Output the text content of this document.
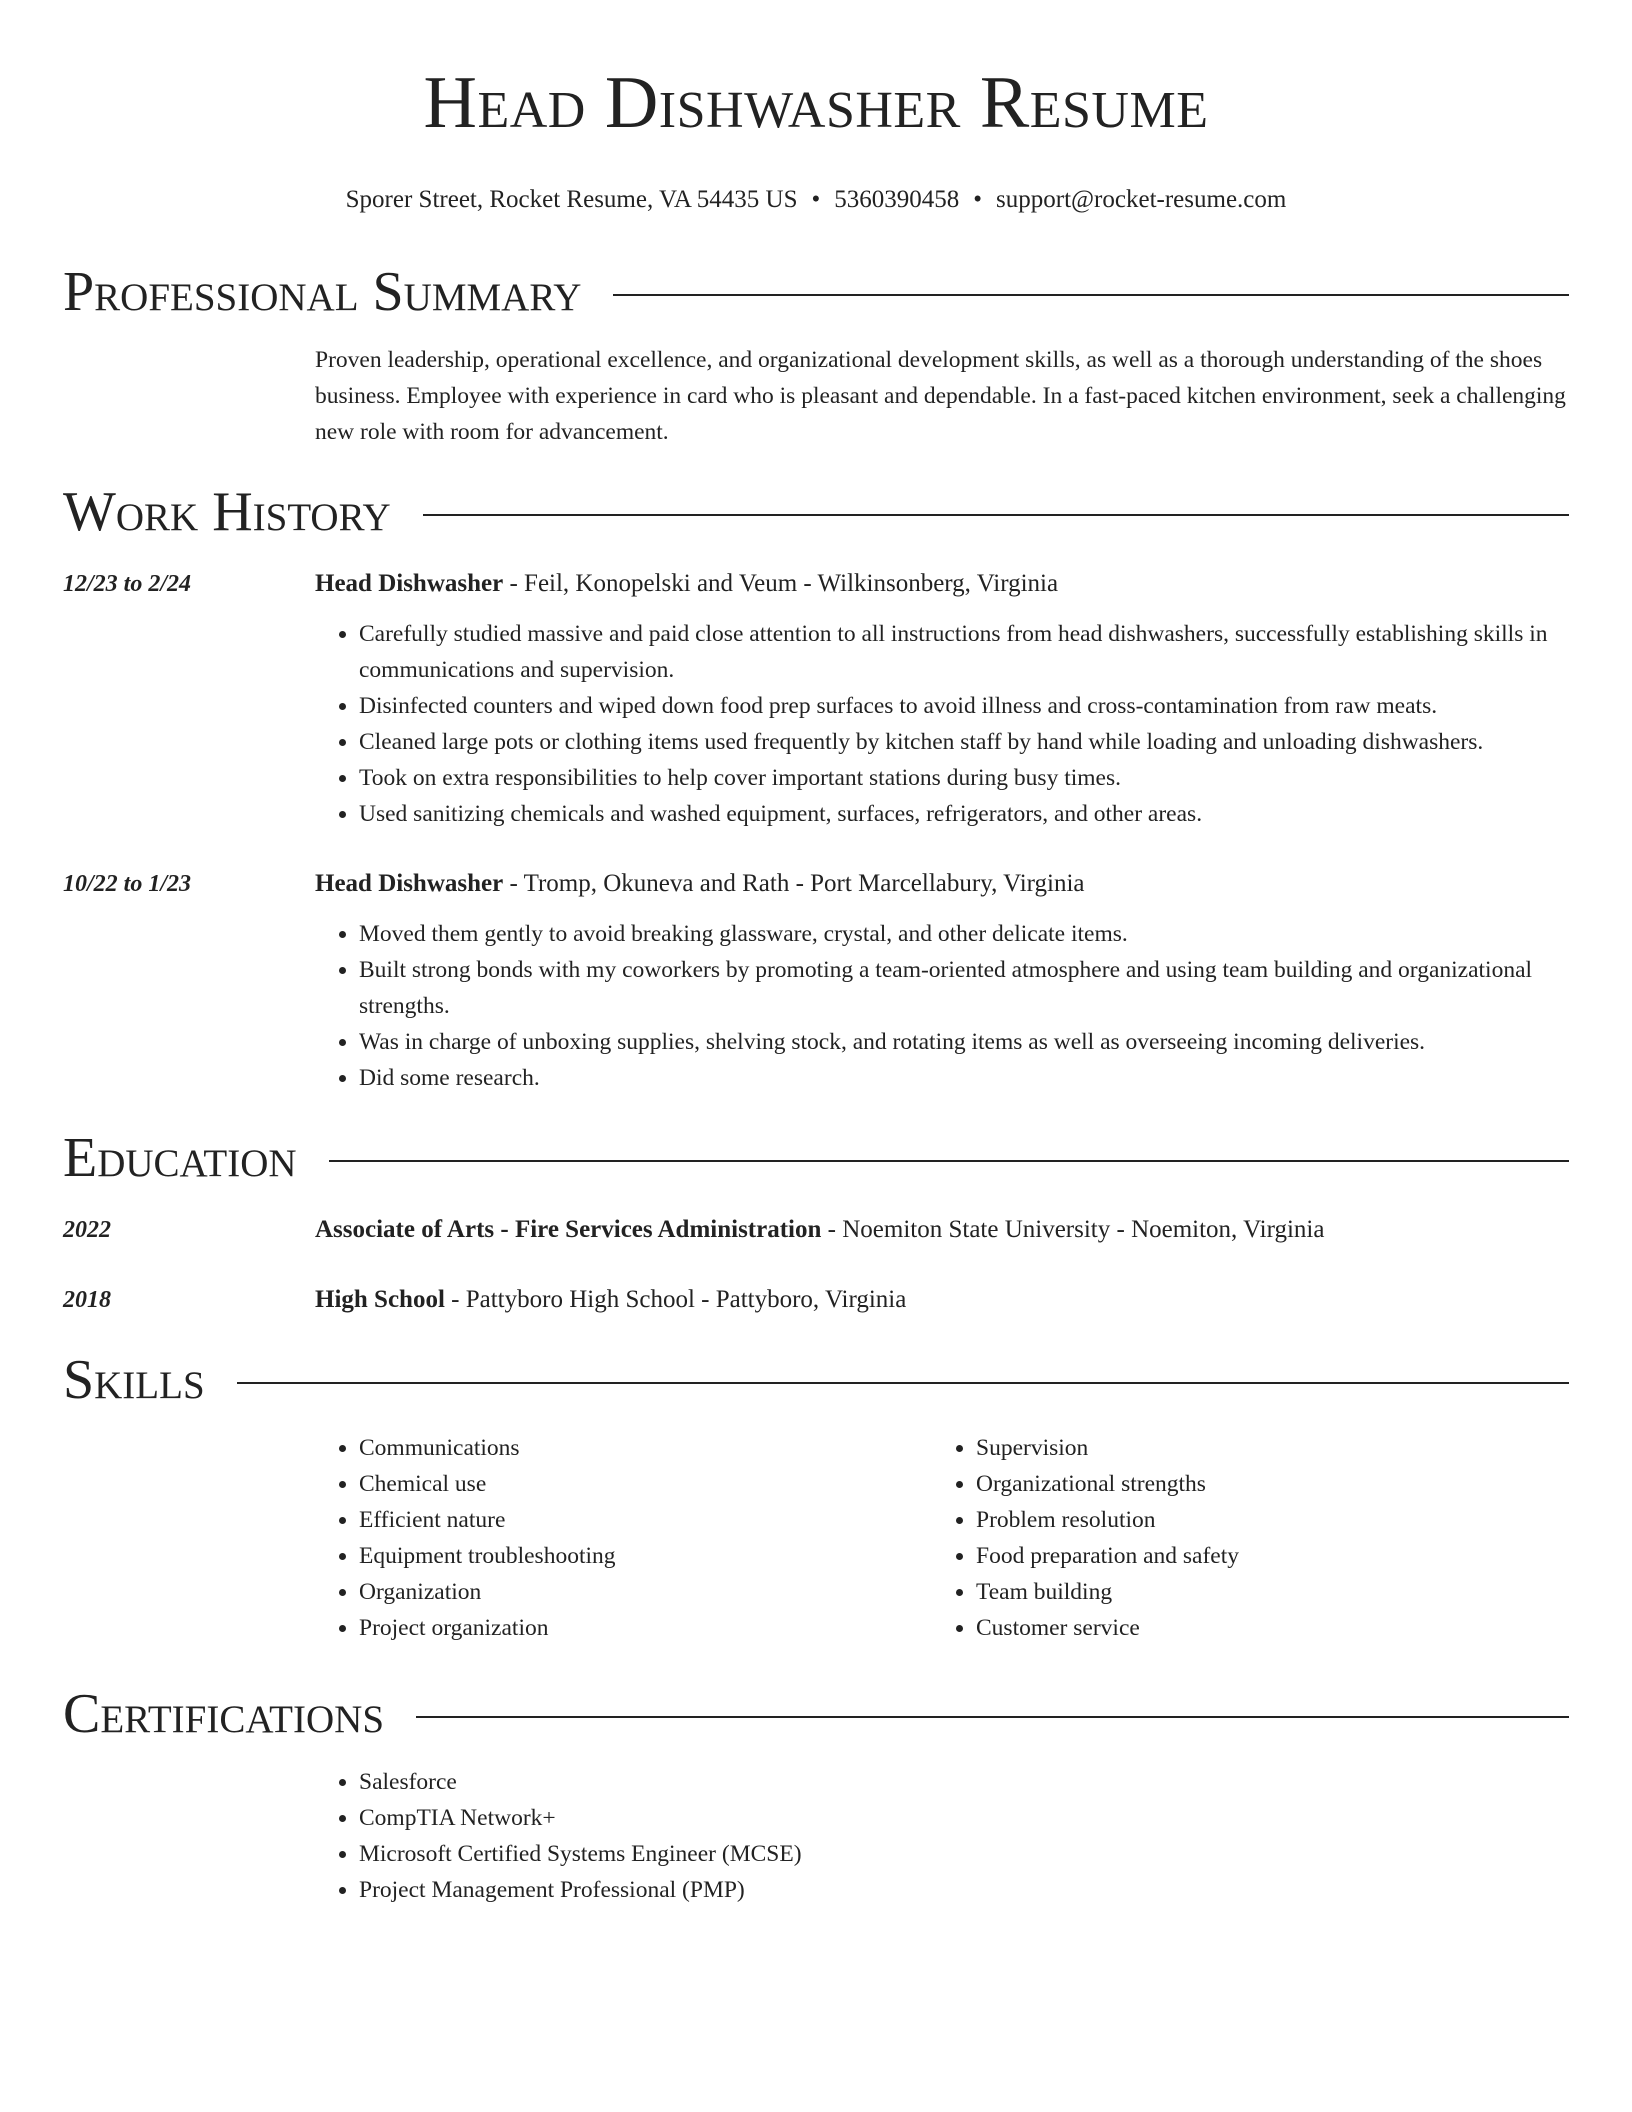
Head Dishwasher Resume
Sporer Street, Rocket Resume, VA 54435 US • 5360390458 • support@rocket-resume.com
Professional Summary
Proven leadership, operational excellence, and organizational development skills, as well as a thorough understanding of the shoes business. Employee with experience in card who is pleasant and dependable. In a fast-paced kitchen environment, seek a challenging new role with room for advancement.
Work History
12/23 to 2/24	Head Dishwasher - Feil, Konopelski and Veum - Wilkinsonberg, Virginia
• Carefully studied massive and paid close attention to all instructions from head dishwashers, successfully establishing skills in communications and supervision.
• Disinfected counters and wiped down food prep surfaces to avoid illness and cross-contamination from raw meats.
• Cleaned large pots or clothing items used frequently by kitchen staff by hand while loading and unloading dishwashers.
• Took on extra responsibilities to help cover important stations during busy times.
• Used sanitizing chemicals and washed equipment, surfaces, refrigerators, and other areas.
10/22 to 1/23	Head Dishwasher - Tromp, Okuneva and Rath - Port Marcellabury, Virginia
• Moved them gently to avoid breaking glassware, crystal, and other delicate items.
• Built strong bonds with my coworkers by promoting a team-oriented atmosphere and using team building and organizational strengths.
• Was in charge of unboxing supplies, shelving stock, and rotating items as well as overseeing incoming deliveries.
• Did some research.
Education
2022	Associate of Arts - Fire Services Administration - Noemiton State University - Noemiton, Virginia
2018	High School - Pattyboro High School - Pattyboro, Virginia
Skills
• Communications
• Chemical use
• Efficient nature
• Equipment troubleshooting
• Organization
• Project organization
• Supervision
• Organizational strengths
• Problem resolution
• Food preparation and safety
• Team building
• Customer service
Certifications
• Salesforce
• CompTIA Network+
• Microsoft Certified Systems Engineer (MCSE)
• Project Management Professional (PMP)
